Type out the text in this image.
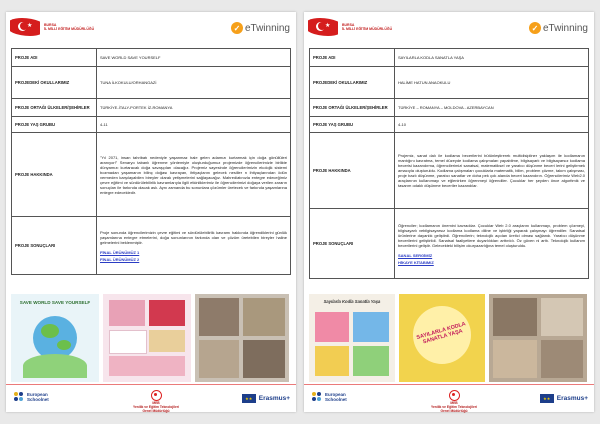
★	BURSA
İL MİLLİ EĞİTİM MÜDÜRLÜĞÜ	✓ eTwinning
PROJE ADI	SAVE WORLD SAVE YOURSELF
PROJEDEKİ OKULLARIMIZ	TUNA İLKOKULU/ORHANGAZİ
PROJE ORTAĞI ÜLKELER/ŞEHİRLER	TÜRKİYE-İTALY-PORTEK İZ-ROMANYA
PROJE YAŞ GRUBU	4-11
PROJE HAKKINDA	"Yıl 2071, insan tahribatı nedeniyle yaşanmaz hale gelen adamızı kurtarmak için doğa gönüllüleri aranıyor!" Senaryo tabanlı öğrenme yöntemiyle oluşturduğumuz projemizde öğrencilerimizle birlikte dünyamızı kurtaracak doğa savaşçıları olacağız. Projemiz sayesinde öğrencilerimizin ekolojik sistemi bozmadan yaşamanın bilinç doğası kavrayan, ihtiyaçlarını gelecek nesiller n ihtiyaçlarından ödün vermeden karşılayabilen bireyler olarak yetişmelerini sağlayacağız. Mahrediatınızla entegre edeceğimiz çevre eğitimi ve sürdürülebilirlik kavramlarıyla ilgili etkinliklerimiz ile öğrencilerimizi doğaya verilen zararın sonuçları ile farkında olacak aslı. Aynı zamanda bu sonunlara çözümler üretecek ve farkında yaşamlarına entegre edecekledir.
PROJE SONUÇLARI	Proje sonunda öğrencilerimizin çevre eğitimi ve sürdürülebilirlik kavramı hakkında öğrendiklerini günlük yaşamlarına entegre etmelerini, doğa sonunlarının farkında olan ve çözüm üretebilen bireyler haline gelmelerini beklenmiştir.
FİNAL ÜRÜNÜMÜZ 1
FİNAL ÜRÜNÜMÜZ 2
SAVE WORLD SAVE YOURSELF
European Schoolnet
MEB
Yenilik ve Eğitim Teknolojileri
Genel Müdürlüğü
★★ Erasmus+
★	BURSA
İL MİLLİ EĞİTİM MÜDÜRLÜĞÜ	✓ eTwinning
PROJE ADI	SAYILARLA KODLA SANATLA YAŞA
PROJEDEKİ OKULLARIMIZ	HALİME HATUN ANAOKULU
PROJE ORTAĞI ÜLKELER/ŞEHİRLER	TÜRKİYE – ROMANYA – MOLDOVA - AZERBAYCAN
PROJE YAŞ GRUBU	4-10
PROJE HAKKINDA	Projemiz, sanat dalı ile kodlama becerilerini bütünleştirerek multidisipliner yaklaşım ile kodlamanın mantığını kavratma, temel düzeyde kodlama çalışmaları yapabilme, bilgisayarlı ve bilgisayarsız kodlama becerisi kazandırma, öğrencilerimizi sanatsal, matematiksel ve yaratıcı düşünme beceri lerini geliştirmek amacıyla oluşturuldu. Kodlama çalışmaları çocuklarla matematik, bilim, problem çözme, takım çalışması, proje bazlı düşünme, yaratıcı sanatlar ve doha pek çok alanda beceri kazandırırı. Öğrencilerimiz Web2.0 araçlarının kullanımayı ve eğlenirken öğrenmeyi öğrendiler. Çocuklar her şeyden önce algoritmik ve tasarım odaklı düşünme beceriler kazandılar.
PROJE SONUÇLARI	Öğrenciler; kodlamanın önemini kavradılar. Çocuklar Web 2.0 araçlarını kullanmayı, problem çözmeyi, bilgisayarlı vebilgisayarsız kodlama kodlama diline ve işbirliği yaparak çalışmayı öğrendiler. Sanatsal ürünlerine dayanlık geliştirdi. Öğrencilerin; teknolojik açıdan üretici olması sağlandı. Yaratıcı düşünme becerilerini geliştirildi. Sanatsal faaliyetlere duyarlılıkları arttırıldı. Öz güven ni arttı. Teknolojik kullanım becerilerini geliştir. Gelecekteki bilişim okuryazarlığına temel oluşturuldu.
SANAL SERGİMİZ
HİKAYE KİTABIMIZ
Sayılarla Kodla Sanatla Yaşa
SAYILARLA KODLA SANATLA YAŞA
European Schoolnet
MEB
Yenilik ve Eğitim Teknolojileri
Genel Müdürlüğü
★★ Erasmus+
